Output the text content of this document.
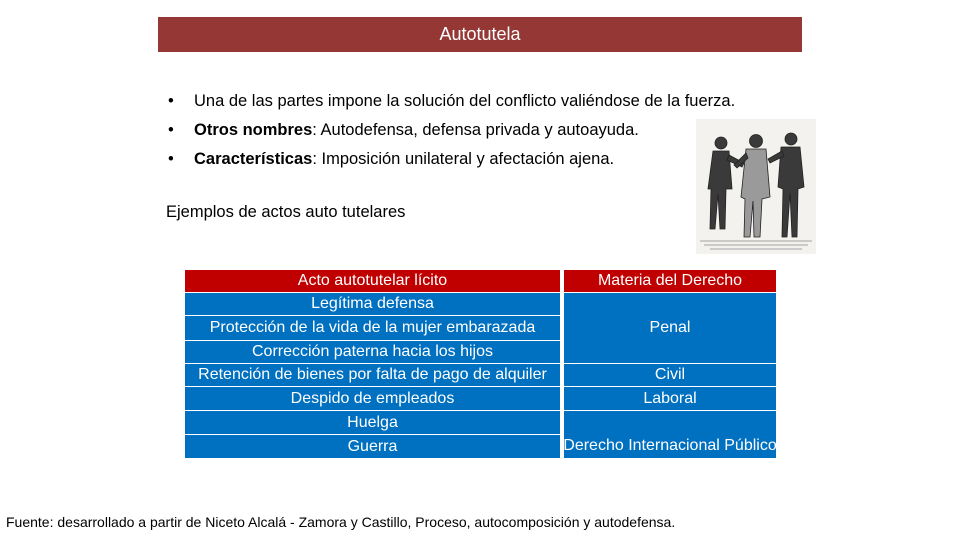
Autotutela
• Una de las partes impone la solución del conflicto valiéndose de la fuerza.
• Otros nombres: Autodefensa, defensa privada y autoayuda.
• Características: Imposición unilateral y afectación ajena.
Ejemplos de actos auto tutelares
Acto autotutelar lícito	Materia del Derecho
Legítima defensa
Protección de la vida de la mujer embarazada
Corrección paterna hacia los hijos
Retención de bienes por falta de pago de alquiler
Despido de empleados
Huelga
Guerra
Penal
Civil
Laboral
Derecho Internacional Público
Fuente: desarrollado a partir de Niceto Alcalá - Zamora y Castillo, Proceso, autocomposición y autodefensa.
